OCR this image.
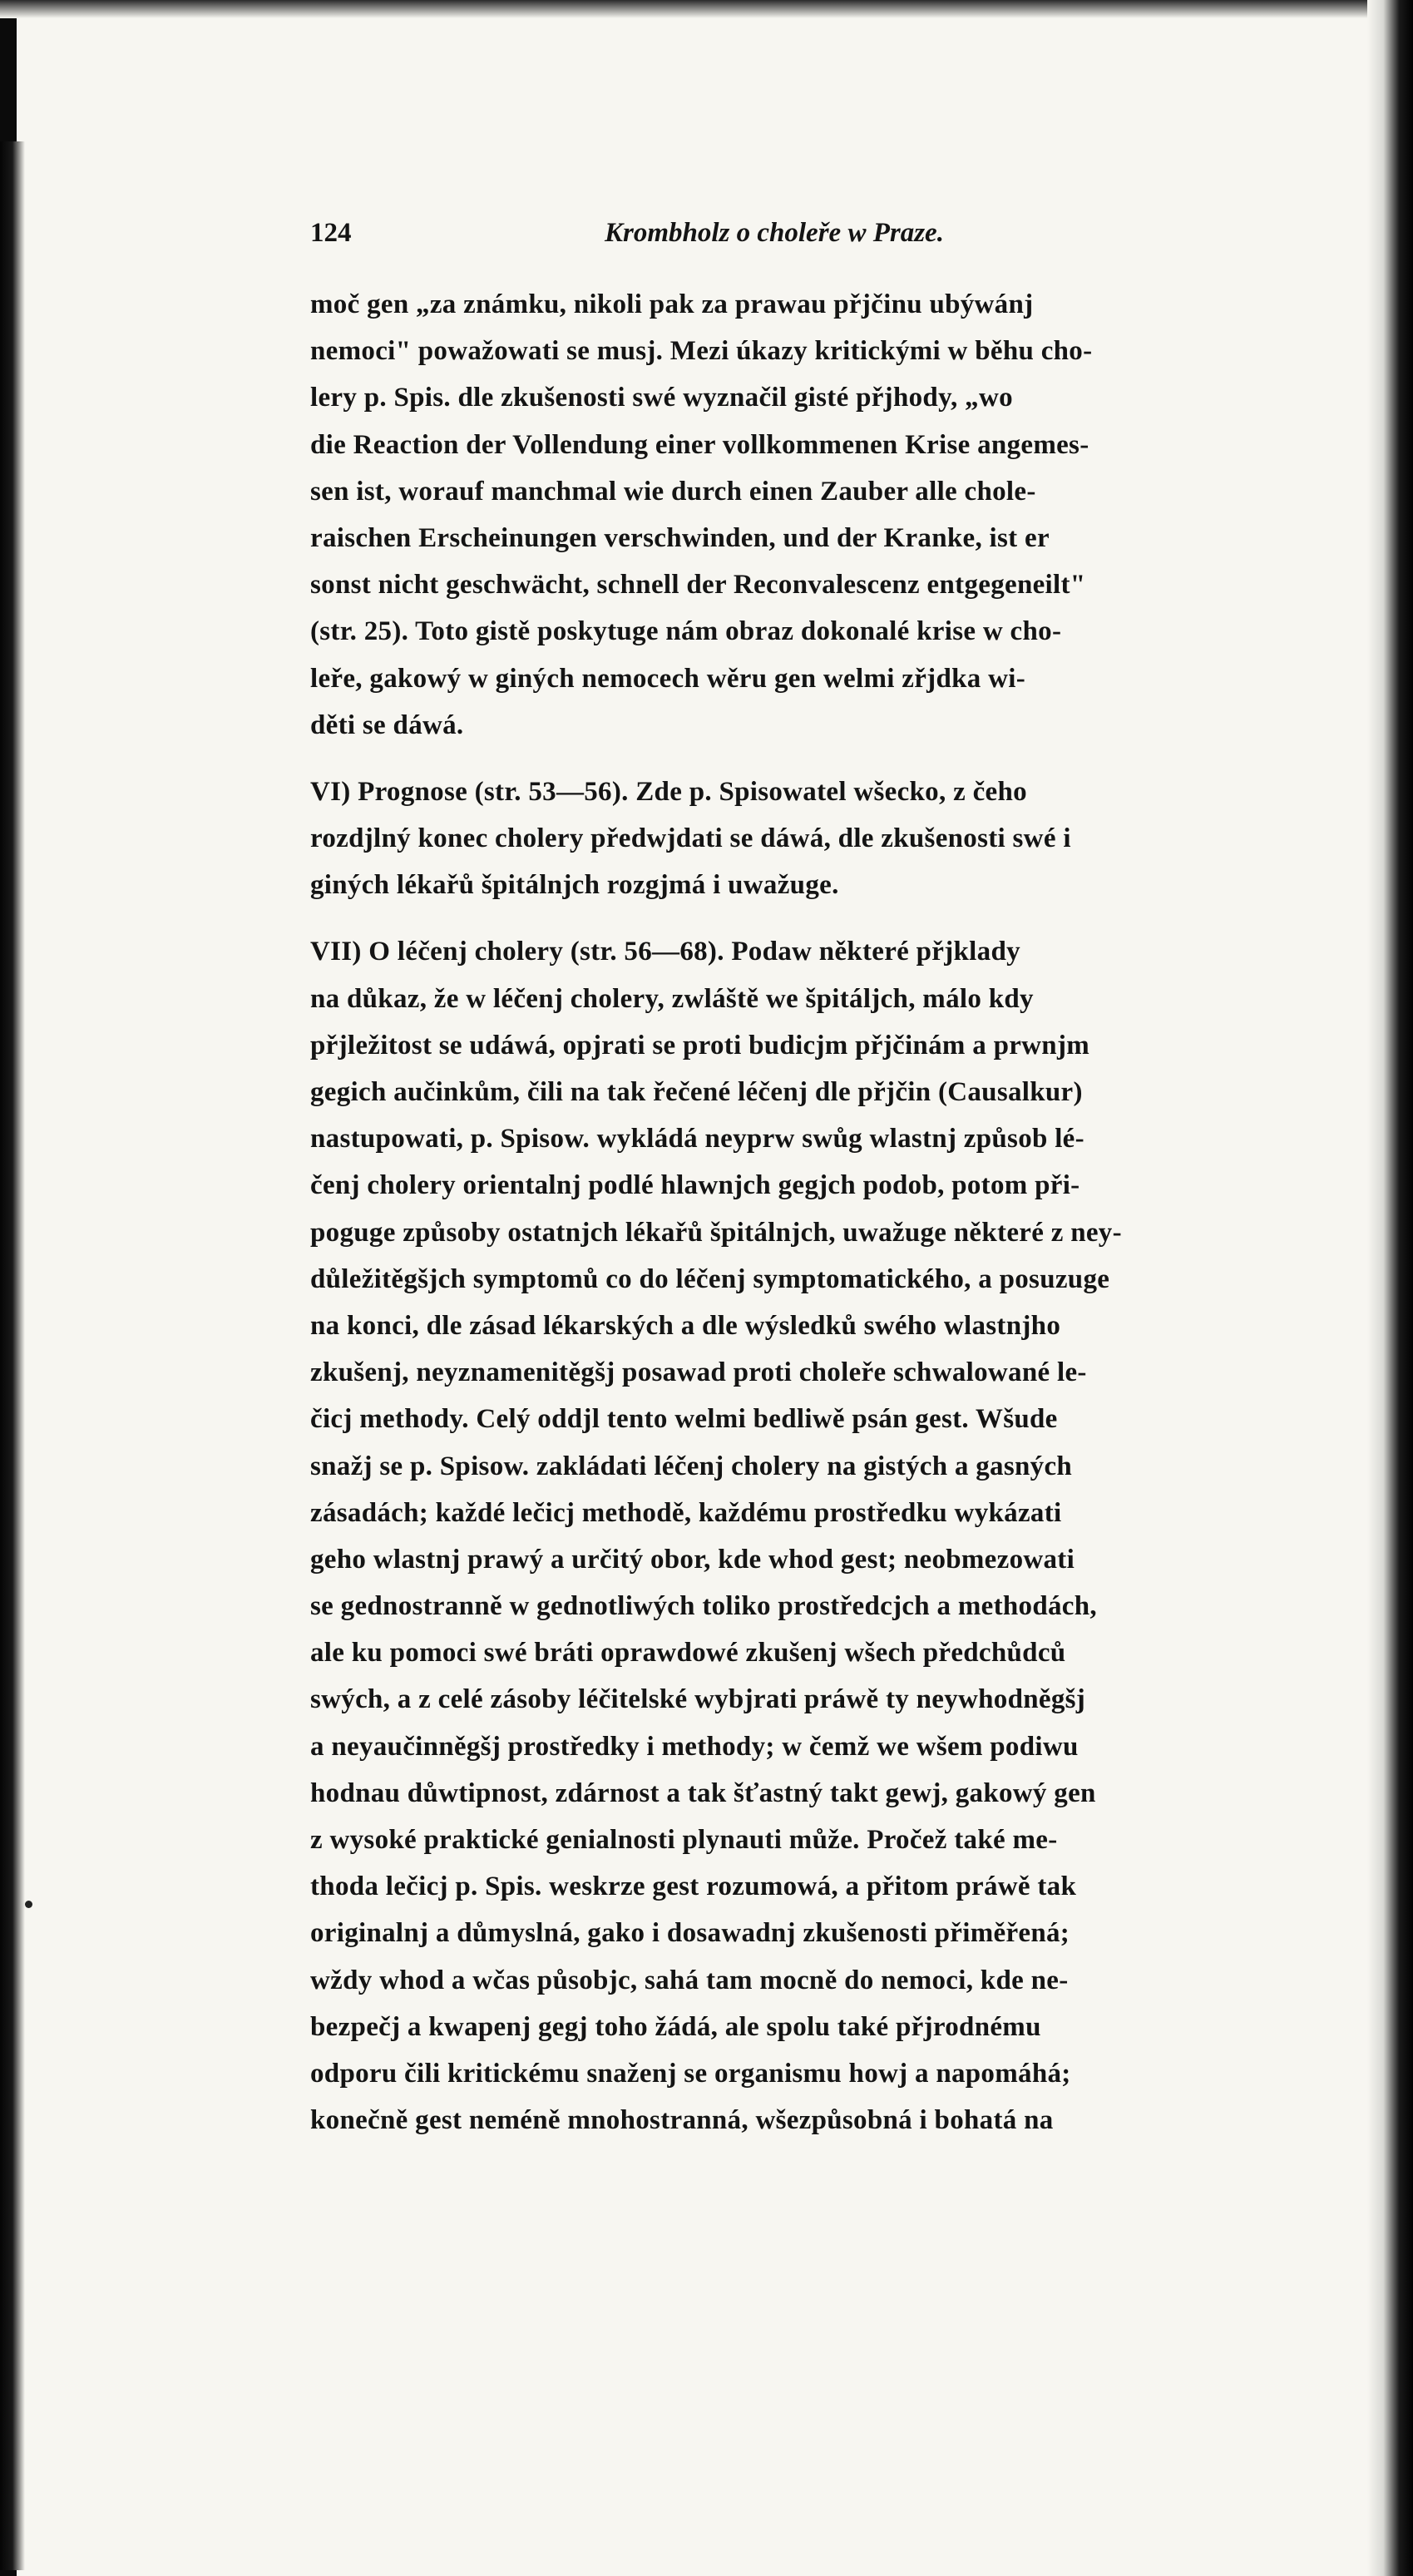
124	Krombholz o choleře w Praze.
moč gen „za známku, nikoli pak za prawau přjčinu ubýwánj
nemoci" powažowati se musj. Mezi úkazy kritickými w běhu cho-
lery p. Spis. dle zkušenosti swé wyznačil gisté přjhody, „wo
die Reaction der Vollendung einer vollkommenen Krise angemes-
sen ist, worauf manchmal wie durch einen Zauber alle chole-
raischen Erscheinungen verschwinden, und der Kranke, ist er
sonst nicht geschwächt, schnell der Reconvalescenz entgegeneilt"
(str. 25). Toto gistě poskytuge nám obraz dokonalé krise w cho-
leře, gakowý w giných nemocech wěru gen welmi zřjdka wi-
děti se dáwá.
VI) Prognose (str. 53—56). Zde p. Spisowatel wšecko, z čeho
rozdjlný konec cholery předwjdati se dáwá, dle zkušenosti swé i
giných lékařů špitálnjch rozgjmá i uwažuge.
VII) O léčenj cholery (str. 56—68). Podaw některé přjklady
na důkaz, že w léčenj cholery, zwláště we špitáljch, málo kdy
přjležitost se udáwá, opjrati se proti budicjm přjčinám a prwnjm
gegich aučinkům, čili na tak řečené léčenj dle přjčin (Causalkur)
nastupowati, p. Spisow. wykládá neyprw swůg wlastnj způsob lé-
čenj cholery orientalnj podlé hlawnjch gegjch podob, potom při-
poguge způsoby ostatnjch lékařů špitálnjch, uwažuge některé z ney-
důležitěgšjch symptomů co do léčenj symptomatického, a posuzuge
na konci, dle zásad lékarských a dle wýsledků swého wlastnjho
zkušenj, neyznamenitěgšj posawad proti choleře schwalowané le-
čicj methody. Celý oddjl tento welmi bedliwě psán gest. Wšude
snažj se p. Spisow. zakládati léčenj cholery na gistých a gasných
zásadách; každé lečicj methodě, každému prostředku wykázati
geho wlastnj prawý a určitý obor, kde whod gest; neobmezowati
se gednostranně w gednotliwých toliko prostředcjch a methodách,
ale ku pomoci swé bráti oprawdowé zkušenj wšech předchůdců
swých, a z celé zásoby léčitelské wybjrati práwě ty neywhodněgšj
a neyaučinněgšj prostředky i methody; w čemž we wšem podiwu
hodnau důwtipnost, zdárnost a tak šťastný takt gewj, gakowý gen
z wysoké praktické genialnosti plynauti může. Pročež také me-
thoda lečicj p. Spis. weskrze gest rozumowá, a přitom práwě tak
originalnj a důmyslná, gako i dosawadnj zkušenosti přiměřená;
wždy whod a wčas působjc, sahá tam mocně do nemoci, kde ne-
bezpečj a kwapenj gegj toho žádá, ale spolu také přjrodnému
odporu čili kritickému snaženj se organismu howj a napomáhá;
konečně gest neméně mnohostranná, wšezpůsobná i bohatá na
